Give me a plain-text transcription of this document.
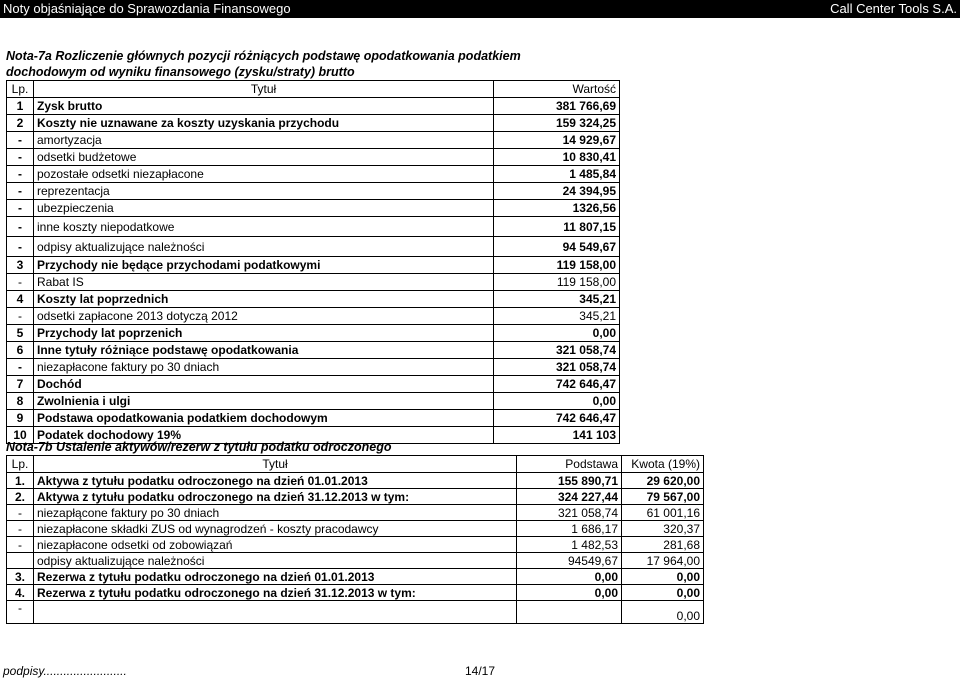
Noty objaśniające do Sprawozdania Finansowego	Call Center Tools S.A.
Nota-7a Rozliczenie głównych pozycji różniących podstawę opodatkowania podatkiem
dochodowym od wyniku finansowego (zysku/straty) brutto
Lp.	Tytuł	Wartość
1	Zysk brutto	381 766,69
2	Koszty nie uznawane za koszty uzyskania przychodu	159 324,25
-	amortyzacja	14 929,67
-	odsetki budżetowe	10 830,41
-	pozostałe odsetki niezapłacone	1 485,84
-	reprezentacja	24 394,95
-	ubezpieczenia	1326,56
-	inne koszty niepodatkowe	11 807,15
-	odpisy aktualizujące należności	94 549,67
3	Przychody nie będące przychodami podatkowymi	119 158,00
-	Rabat IS	119 158,00
4	Koszty lat poprzednich	345,21
-	odsetki zapłacone 2013 dotyczą 2012	345,21
5	Przychody lat poprzenich	0,00
6	Inne tytuły różniące podstawę opodatkowania	321 058,74
-	niezapłacone faktury po 30 dniach	321 058,74
7	Dochód	742 646,47
8	Zwolnienia i ulgi	0,00
9	Podstawa opodatkowania podatkiem dochodowym	742 646,47
10	Podatek dochodowy 19%	141 103
Nota-7b Ustalenie aktywów/rezerw z tytułu podatku odroczonego
Lp.	Tytuł	Podstawa	Kwota (19%)
1.	Aktywa z tytułu podatku odroczonego na dzień 01.01.2013	155 890,71	29 620,00
2.	Aktywa z tytułu podatku odroczonego na dzień 31.12.2013 w tym:	324 227,44	79 567,00
-	niezapłącone faktury po 30 dniach	321 058,74	61 001,16
-	niezapłacone składki ZUS od wynagrodzeń - koszty pracodawcy	1 686,17	320,37
-	niezapłacone odsetki od zobowiązań	1 482,53	281,68
	odpisy aktualizujące należności	94549,67	17 964,00
3.	Rezerwa z tytułu podatku odroczonego na dzień 01.01.2013	0,00	0,00
4.	Rezerwa z tytułu podatku odroczonego na dzień 31.12.2013 w tym:	0,00	0,00
-			0,00
podpisy.........................	14/17
